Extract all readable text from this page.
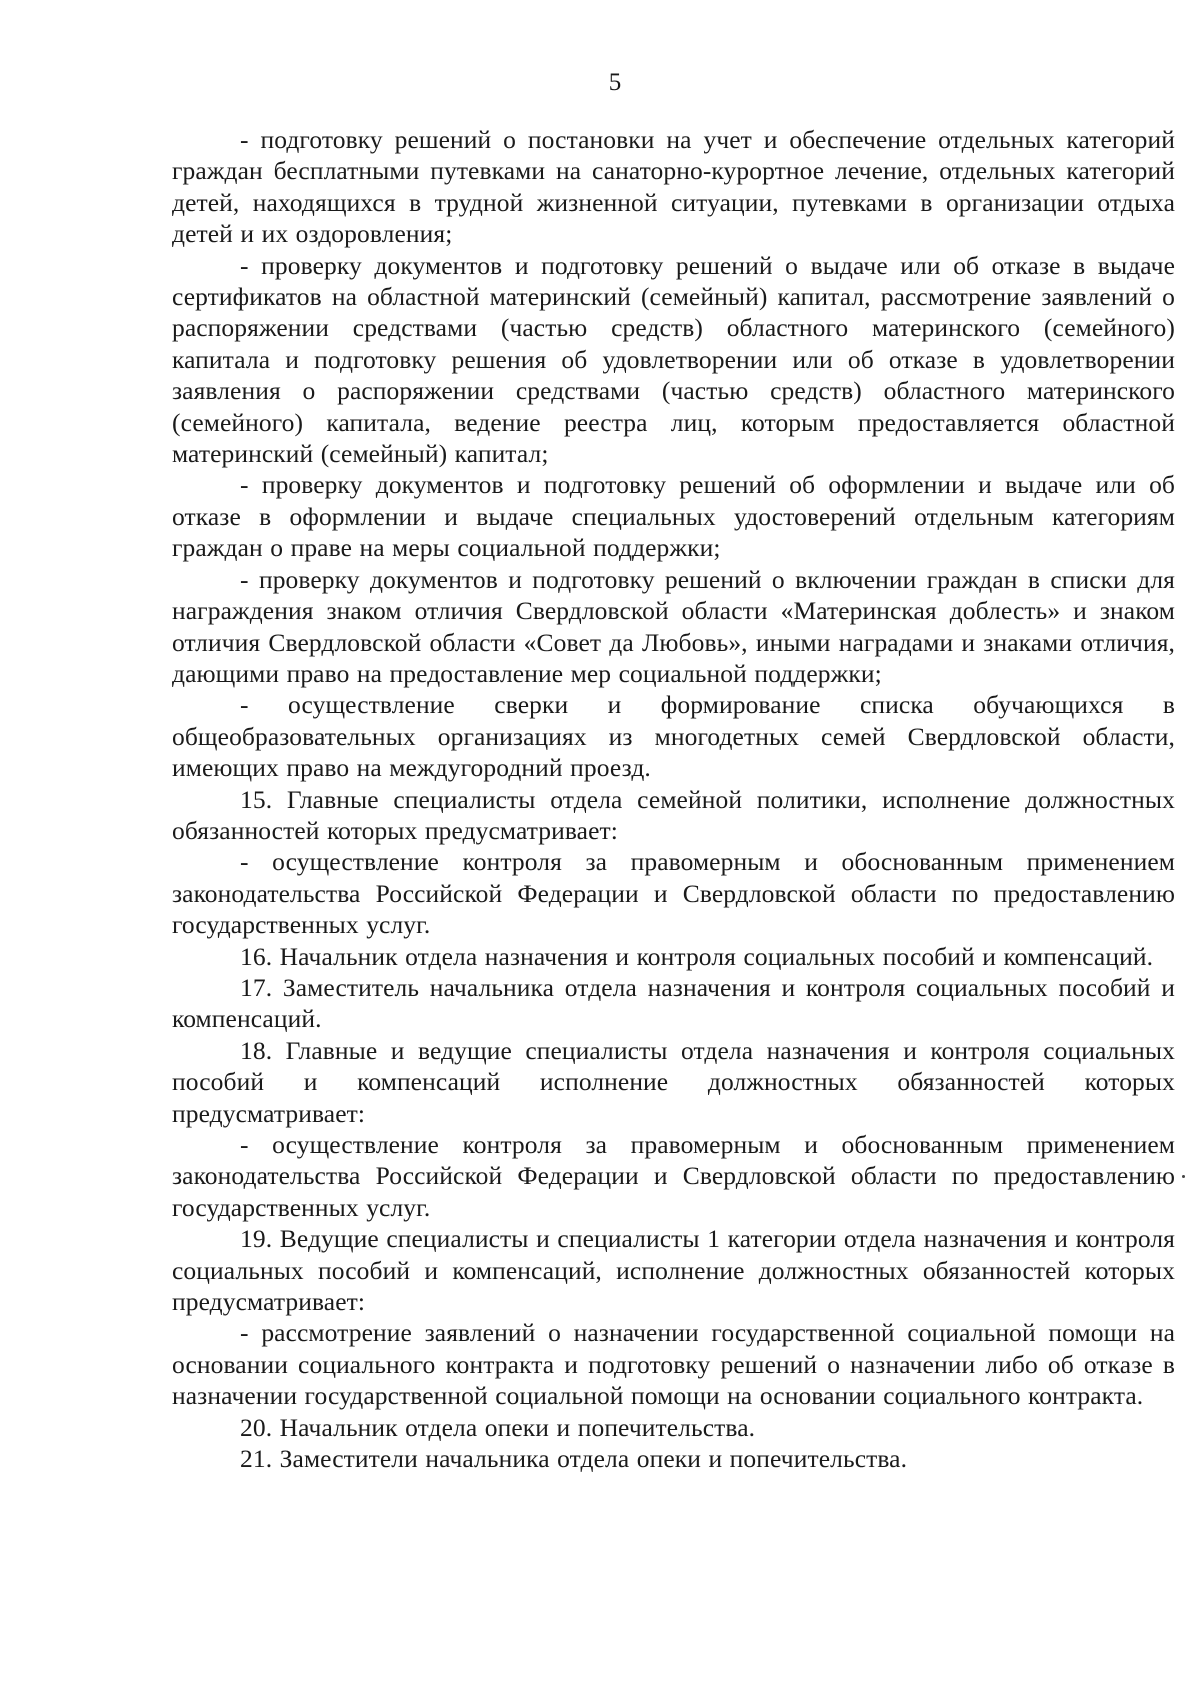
5

- подготовку решений о постановки на учет и обеспечение отдельных категорий граждан бесплатными путевками на санаторно-курортное лечение, отдельных категорий детей, находящихся в трудной жизненной ситуации, путевками в организации отдыха детей и их оздоровления;

- проверку документов и подготовку решений о выдаче или об отказе в выдаче сертификатов на областной материнский (семейный) капитал, рассмотрение заявлений о распоряжении средствами (частью средств) областного материнского (семейного) капитала и подготовку решения об удовлетворении или об отказе в удовлетворении заявления о распоряжении средствами (частью средств) областного материнского (семейного) капитала, ведение реестра лиц, которым предоставляется областной материнский (семейный) капитал;

- проверку документов и подготовку решений об оформлении и выдаче или об отказе в оформлении и выдаче специальных удостоверений отдельным категориям граждан о праве на меры социальной поддержки;

- проверку документов и подготовку решений о включении граждан в списки для награждения знаком отличия Свердловской области «Материнская доблесть» и знаком отличия Свердловской области «Совет да Любовь», иными наградами и знаками отличия, дающими право на предоставление мер социальной поддержки;

- осуществление сверки и формирование списка обучающихся в общеобразовательных организациях из многодетных семей Свердловской области, имеющих право на междугородний проезд.

15. Главные специалисты отдела семейной политики, исполнение должностных обязанностей которых предусматривает:

- осуществление контроля за правомерным и обоснованным применением законодательства Российской Федерации и Свердловской области по предоставлению государственных услуг.

16. Начальник отдела назначения и контроля социальных пособий и компенсаций.

17. Заместитель начальника отдела назначения и контроля социальных пособий и компенсаций.

18. Главные и ведущие специалисты отдела назначения и контроля социальных пособий и компенсаций исполнение должностных обязанностей которых предусматривает:

- осуществление контроля за правомерным и обоснованным применением законодательства Российской Федерации и Свердловской области по предоставлению государственных услуг.

19. Ведущие специалисты и специалисты 1 категории отдела назначения и контроля социальных пособий и компенсаций, исполнение должностных обязанностей которых предусматривает:

- рассмотрение заявлений о назначении государственной социальной помощи на основании социального контракта и подготовку решений о назначении либо об отказе в назначении государственной социальной помощи на основании социального контракта.

20. Начальник отдела опеки и попечительства.

21. Заместители начальника отдела опеки и попечительства.
